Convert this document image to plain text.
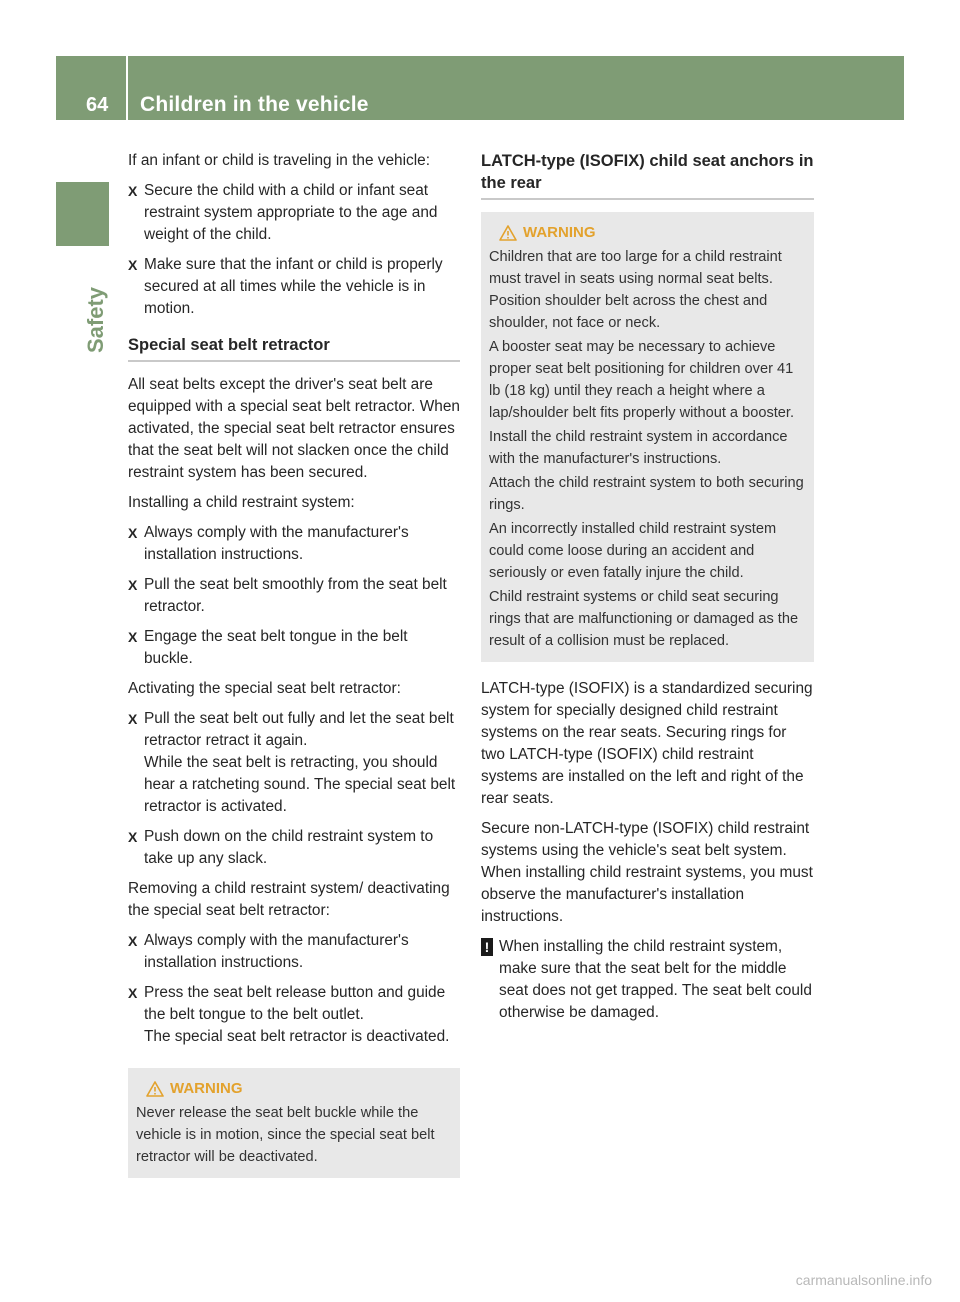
64 Children in the vehicle
Safety

If an infant or child is traveling in the vehicle:

X Secure the child with a child or infant seat restraint system appropriate to the age and weight of the child.
X Make sure that the infant or child is properly secured at all times while the vehicle is in motion.
Special seat belt retractor

All seat belts except the driver's seat belt are equipped with a special seat belt retractor. When activated, the special seat belt retractor ensures that the seat belt will not slacken once the child restraint system has been secured.

Installing a child restraint system:

X Always comply with the manufacturer's installation instructions.
X Pull the seat belt smoothly from the seat belt retractor.
X Engage the seat belt tongue in the belt buckle.

Activating the special seat belt retractor:

X Pull the seat belt out fully and let the seat belt retractor retract it again.
While the seat belt is retracting, you should hear a ratcheting sound. The special seat belt retractor is activated.
X Push down on the child restraint system to take up any slack.

Removing a child restraint system/ deactivating the special seat belt retractor:

X Always comply with the manufacturer's installation instructions.
X Press the seat belt release button and guide the belt tongue to the belt outlet.
The special seat belt retractor is deactivated.
WARNING

Never release the seat belt buckle while the vehicle is in motion, since the special seat belt retractor will be deactivated.

LATCH-type (ISOFIX) child seat anchors in the rear
WARNING

Children that are too large for a child restraint must travel in seats using normal seat belts. Position shoulder belt across the chest and shoulder, not face or neck.

A booster seat may be necessary to achieve proper seat belt positioning for children over 41 lb (18 kg) until they reach a height where a lap/shoulder belt fits properly without a booster.

Install the child restraint system in accordance with the manufacturer's instructions.

Attach the child restraint system to both securing rings.

An incorrectly installed child restraint system could come loose during an accident and seriously or even fatally injure the child.

Child restraint systems or child seat securing rings that are malfunctioning or damaged as the result of a collision must be replaced.

LATCH-type (ISOFIX) is a standardized securing system for specially designed child restraint systems on the rear seats. Securing rings for two LATCH-type (ISOFIX) child restraint systems are installed on the left and right of the rear seats.

Secure non-LATCH-type (ISOFIX) child restraint systems using the vehicle's seat belt system. When installing child restraint systems, you must observe the manufacturer's installation instructions.

! When installing the child restraint system, make sure that the seat belt for the middle seat does not get trapped. The seat belt could otherwise be damaged.
carmanualsonline.info
